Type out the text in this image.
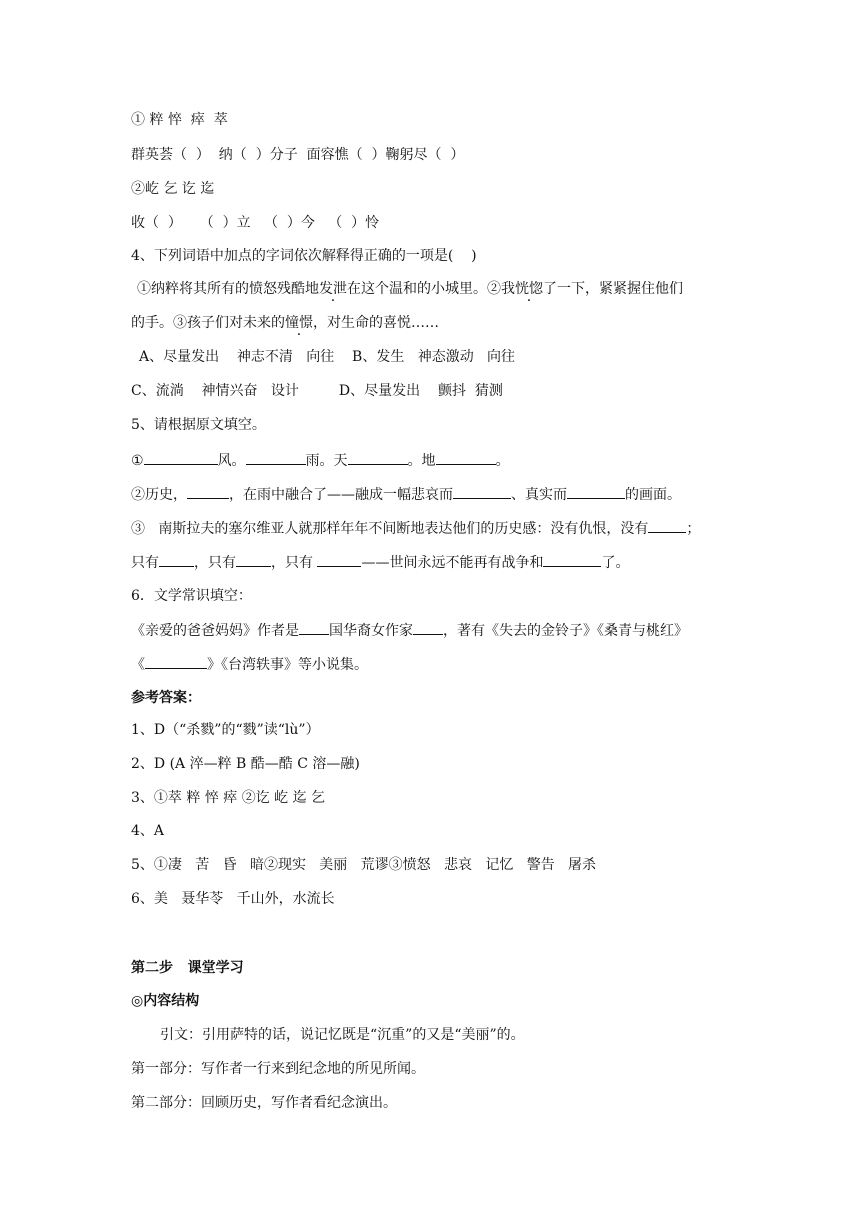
① 粹 悴  瘁  萃
群英荟（  ）  纳（  ）分子  面容憔（  ）鞠躬尽（  ）
②屹 乞 讫 迄
收（  ）    （  ）立   （  ）今   （  ）怜
4、下列词语中加点的字词依次解释得正确的一项是(    )
①纳粹将其所有的愤怒残酷地发泄在这个温和的小城里。②我恍惚了一下，紧紧握住他们
的手。③孩子们对未来的憧憬，对生命的喜悦……
A、尽量发出    神志不清   向往    B、发生   神态激动   向往
C、流淌    神情兴奋   设计         D、尽量发出    颤抖  猜测
5、请根据原文填空。
①	风。	雨。天	。地	。
②历史，	，在雨中融合了——融成一幅悲哀而	、真实而	的画面。
③   南斯拉夫的塞尔维亚人就那样年年不间断地表达他们的历史感：没有仇恨，没有	；
只有	，只有	，只有	——世间永远不能再有战争和	了。
6．文学常识填空：
《亲爱的爸爸妈妈》作者是 国华裔女作家 ，著有《失去的金铃子》《桑青与桃红》
《	》《台湾轶事》等小说集。
参考答案：
1、D（“杀戮”的“戮”读“lù”）
2、D (A 淬—粹 B 酷—酷 C 溶—融)
3、①萃 粹 悴 瘁 ②讫 屹 迄 乞
4、A
5、①凄   苦   昏   暗②现实   美丽   荒谬③愤怒   悲哀   记忆   警告   屠杀
6、美   聂华苓   千山外，水流长
第二步   课堂学习
◎内容结构
引文：引用萨特的话，说记忆既是“沉重”的又是“美丽”的。
第一部分：写作者一行来到纪念地的所见所闻。
第二部分：回顾历史，写作者看纪念演出。
